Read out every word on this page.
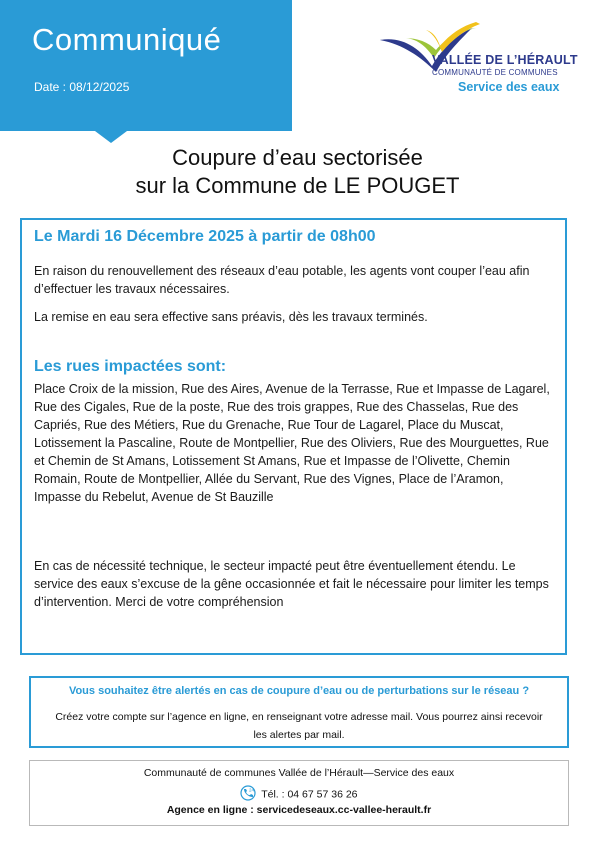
Communiqué
Date : 08/12/2025
VALLÉE DE L’HÉRAULT
COMMUNAUTÉ DE COMMUNES
Service des eaux
Coupure d’eau sectorisée
sur la Commune de LE POUGET
Le Mardi 16 Décembre 2025 à partir de 08h00
En raison du renouvellement des réseaux d’eau potable, les agents vont couper l’eau afin d’effectuer les travaux nécessaires.
La remise en eau sera effective sans préavis, dès les travaux terminés.
Les rues impactées sont:
Place Croix de la mission, Rue des Aires, Avenue de la Terrasse, Rue et Impasse de Lagarel, Rue des Cigales, Rue de la poste, Rue des trois grappes, Rue des Chasselas, Rue des Capriés, Rue des Métiers, Rue du Grenache, Rue Tour de Lagarel, Place du Muscat, Lotissement la Pascaline, Route de Montpellier, Rue des Oliviers, Rue des Mourguettes, Rue et Chemin de St Amans, Lotissement St Amans, Rue et Impasse de l’Olivette, Chemin Romain, Route de Montpellier, Allée du Servant, Rue des Vignes, Place de l’Aramon, Impasse du Rebelut, Avenue de St Bauzille
En cas de nécessité technique, le secteur impacté peut être éventuellement étendu. Le service des eaux s’excuse de la gêne occasionnée et fait le nécessaire pour limiter les temps d’intervention. Merci de votre compréhension
Vous souhaitez être alertés en cas de coupure d’eau ou de perturbations sur le réseau ?
Créez votre compte sur l’agence en ligne, en renseignant votre adresse mail. Vous pourrez ainsi recevoir les alertes par mail.
Communauté de communes Vallée de l’Hérault—Service des eaux
24 Tél. : 04 67 57 36 26
Agence en ligne : servicedeseaux.cc-vallee-herault.fr
